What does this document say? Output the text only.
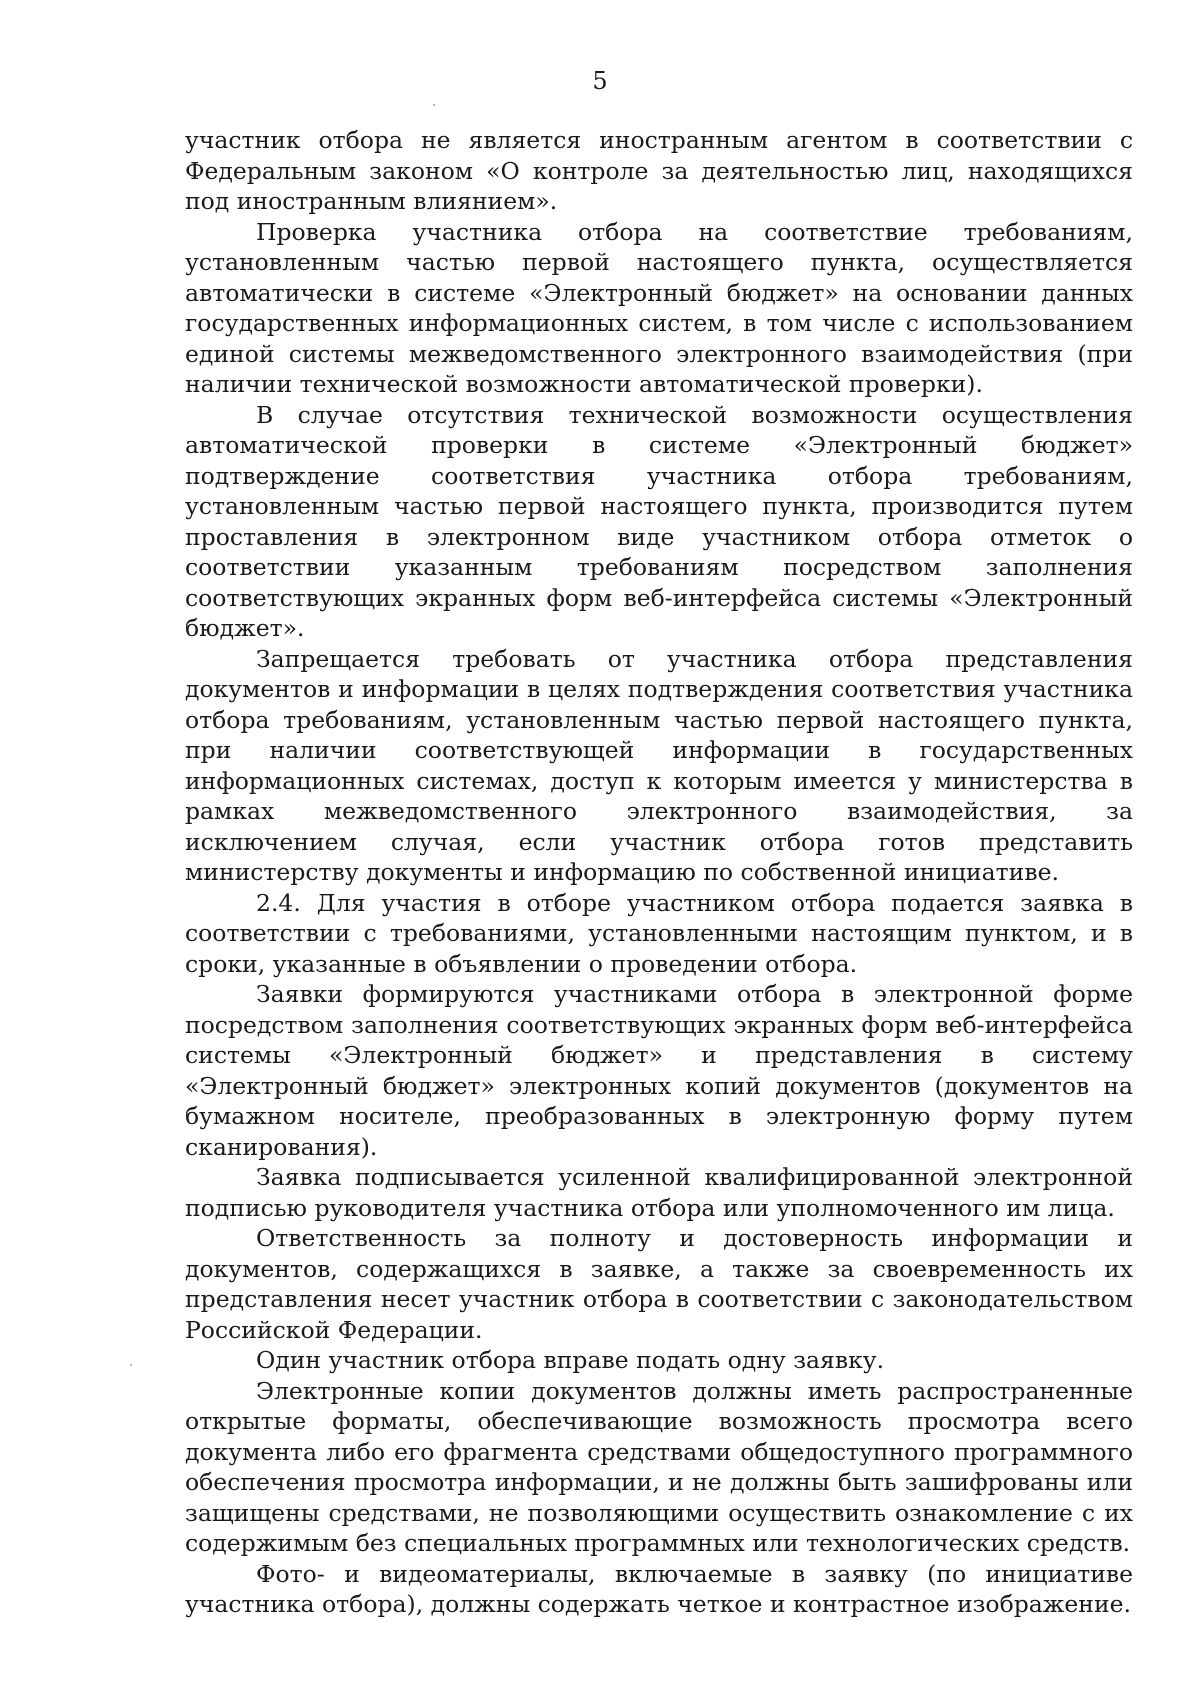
5

участник отбора не является иностранным агентом в соответствии с Федеральным законом «О контроле за деятельностью лиц, находящихся под иностранным влиянием».

Проверка участника отбора на соответствие требованиям, установленным частью первой настоящего пункта, осуществляется автоматически в системе «Электронный бюджет» на основании данных государственных информационных систем, в том числе с использованием единой системы межведомственного электронного взаимодействия (при наличии технической возможности автоматической проверки).

В случае отсутствия технической возможности осуществления автоматической проверки в системе «Электронный бюджет» подтверждение соответствия участника отбора требованиям, установленным частью первой настоящего пункта, производится путем проставления в электронном виде участником отбора отметок о соответствии указанным требованиям посредством заполнения соответствующих экранных форм веб-интерфейса системы «Электронный бюджет».

Запрещается требовать от участника отбора представления документов и информации в целях подтверждения соответствия участника отбора требованиям, установленным частью первой настоящего пункта, при наличии соответствующей информации в государственных информационных системах, доступ к которым имеется у министерства в рамках межведомственного электронного взаимодействия, за исключением случая, если участник отбора готов представить министерству документы и информацию по собственной инициативе.

2.4. Для участия в отборе участником отбора подается заявка в соответствии с требованиями, установленными настоящим пунктом, и в сроки, указанные в объявлении о проведении отбора.

Заявки формируются участниками отбора в электронной форме посредством заполнения соответствующих экранных форм веб-интерфейса системы «Электронный бюджет» и представления в систему «Электронный бюджет» электронных копий документов (документов на бумажном носителе, преобразованных в электронную форму путем сканирования).

Заявка подписывается усиленной квалифицированной электронной подписью руководителя участника отбора или уполномоченного им лица.

Ответственность за полноту и достоверность информации и документов, содержащихся в заявке, а также за своевременность их представления несет участник отбора в соответствии с законодательством Российской Федерации.

Один участник отбора вправе подать одну заявку.

Электронные копии документов должны иметь распространенные открытые форматы, обеспечивающие возможность просмотра всего документа либо его фрагмента средствами общедоступного программного обеспечения просмотра информации, и не должны быть зашифрованы или защищены средствами, не позволяющими осуществить ознакомление с их содержимым без специальных программных или технологических средств.

Фото- и видеоматериалы, включаемые в заявку (по инициативе участника отбора), должны содержать четкое и контрастное изображение.
